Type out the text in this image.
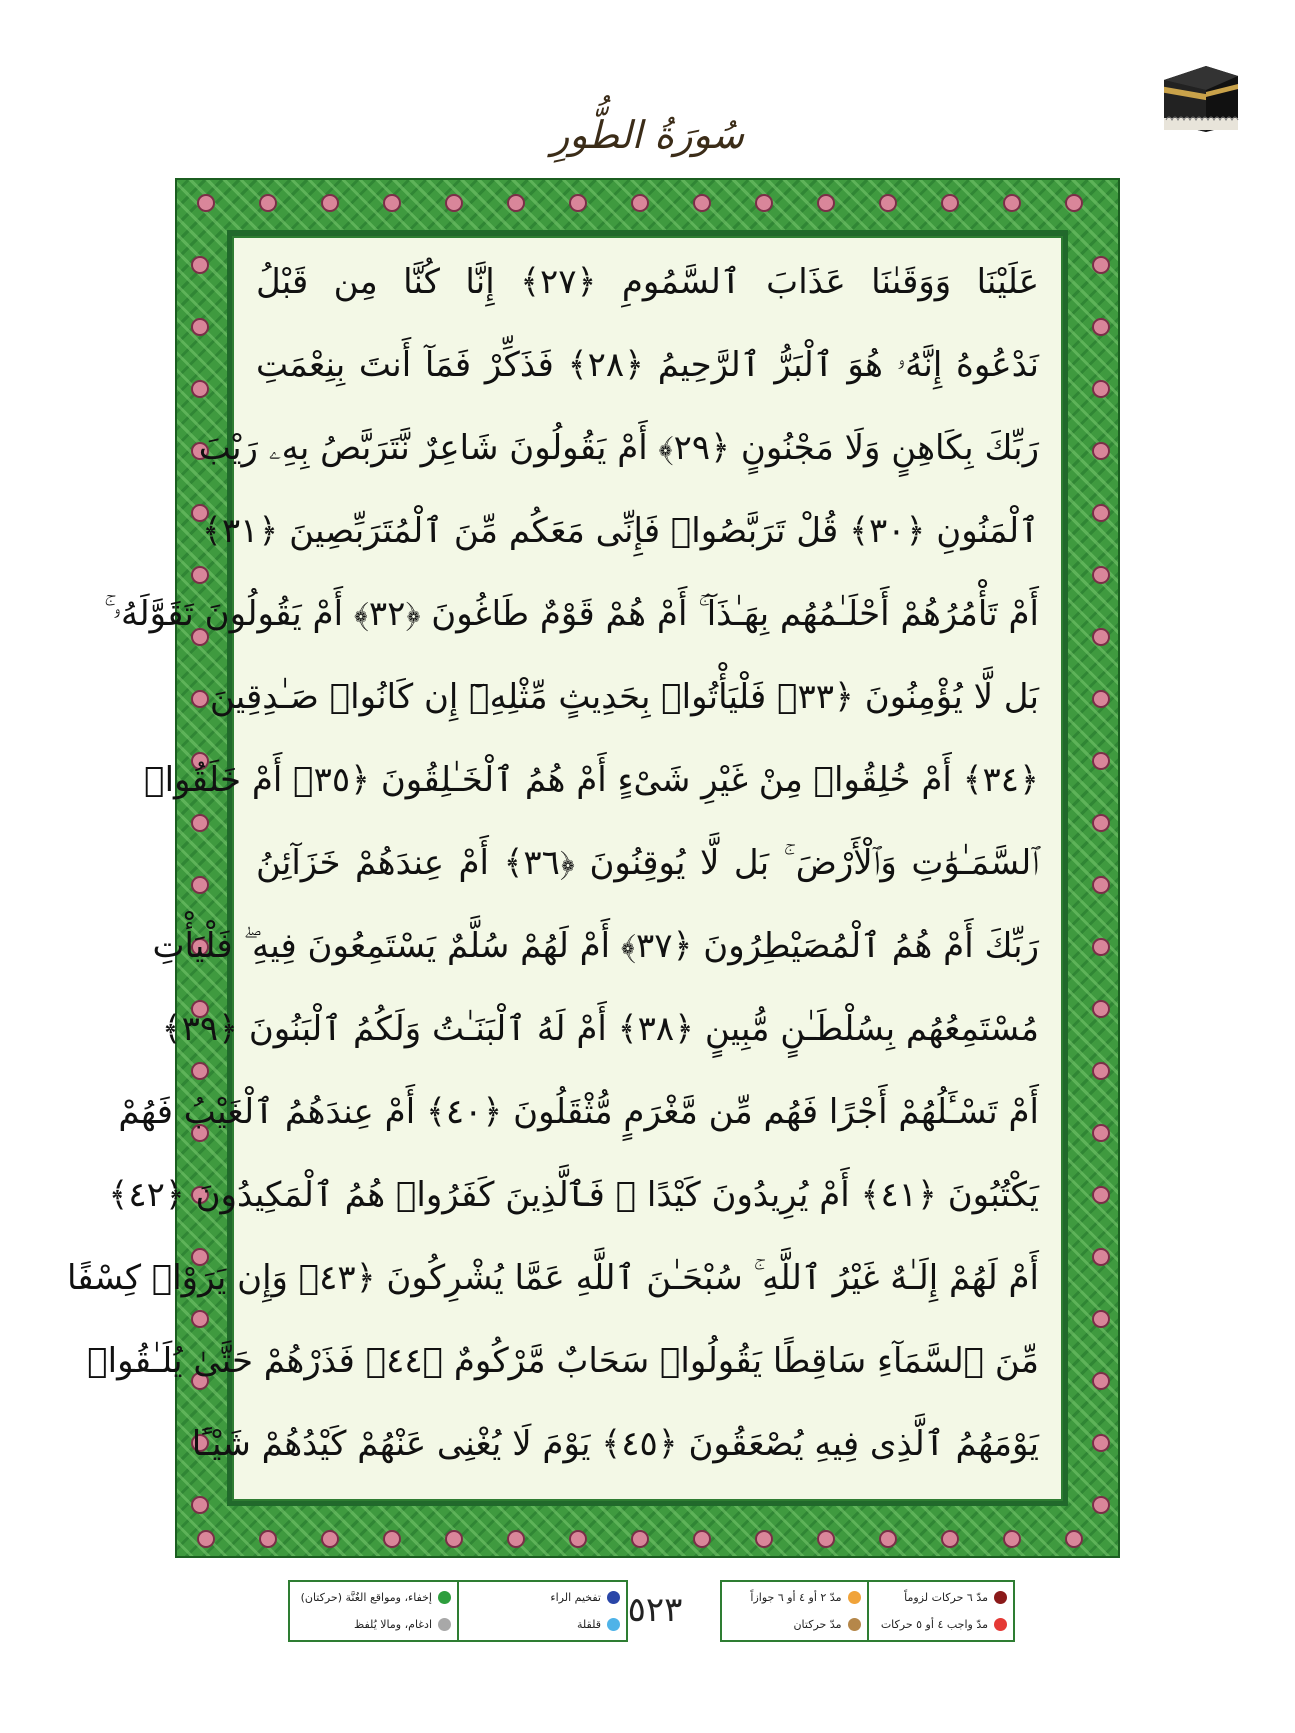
سُورَةُ الطُّورِ
عَلَيْنَا وَوَقَىٰنَا عَذَابَ ٱلسَّمُومِ ﴿٢٧﴾ إِنَّا كُنَّا مِن قَبْلُ
نَدْعُوهُ إِنَّهُۥ هُوَ ٱلْبَرُّ ٱلرَّحِيمُ ﴿٢٨﴾ فَذَكِّرْ فَمَآ أَنتَ بِنِعْمَتِ
رَبِّكَ بِكَاهِنٍ وَلَا مَجْنُونٍ ﴿٢٩﴾ أَمْ يَقُولُونَ شَاعِرٌ نَّتَرَبَّصُ بِهِۦ رَيْبَ
ٱلْمَنُونِ ﴿٣٠﴾ قُلْ تَرَبَّصُوا۟ فَإِنِّى مَعَكُم مِّنَ ٱلْمُتَرَبِّصِينَ ﴿٣١﴾
أَمْ تَأْمُرُهُمْ أَحْلَـٰمُهُم بِهَـٰذَآ ۚ أَمْ هُمْ قَوْمٌ طَاغُونَ ﴿٣٢﴾ أَمْ يَقُولُونَ تَقَوَّلَهُۥ ۚ
بَل لَّا يُؤْمِنُونَ ﴿٣٣﴾ فَلْيَأْتُوا۟ بِحَدِيثٍ مِّثْلِهِۦٓ إِن كَانُوا۟ صَـٰدِقِينَ
﴿٣٤﴾ أَمْ خُلِقُوا۟ مِنْ غَيْرِ شَىْءٍ أَمْ هُمُ ٱلْخَـٰلِقُونَ ﴿٣٥﴾ أَمْ خَلَقُوا۟
ٱلسَّمَـٰوَٰتِ وَٱلْأَرْضَ ۚ بَل لَّا يُوقِنُونَ ﴿٣٦﴾ أَمْ عِندَهُمْ خَزَآئِنُ
رَبِّكَ أَمْ هُمُ ٱلْمُصَيْطِرُونَ ﴿٣٧﴾ أَمْ لَهُمْ سُلَّمٌ يَسْتَمِعُونَ فِيهِ ۖ فَلْيَأْتِ
مُسْتَمِعُهُم بِسُلْطَـٰنٍ مُّبِينٍ ﴿٣٨﴾ أَمْ لَهُ ٱلْبَنَـٰتُ وَلَكُمُ ٱلْبَنُونَ ﴿٣٩﴾
أَمْ تَسْـَٔلُهُمْ أَجْرًا فَهُم مِّن مَّغْرَمٍ مُّثْقَلُونَ ﴿٤٠﴾ أَمْ عِندَهُمُ ٱلْغَيْبُ فَهُمْ
يَكْتُبُونَ ﴿٤١﴾ أَمْ يُرِيدُونَ كَيْدًا ۖ فَٱلَّذِينَ كَفَرُوا۟ هُمُ ٱلْمَكِيدُونَ ﴿٤٢﴾
أَمْ لَهُمْ إِلَـٰهٌ غَيْرُ ٱللَّهِ ۚ سُبْحَـٰنَ ٱللَّهِ عَمَّا يُشْرِكُونَ ﴿٤٣﴾ وَإِن يَرَوْا۟ كِسْفًا
مِّنَ ٱلسَّمَآءِ سَاقِطًا يَقُولُوا۟ سَحَابٌ مَّرْكُومٌ ﴿٤٤﴾ فَذَرْهُمْ حَتَّىٰ يُلَـٰقُوا۟
يَوْمَهُمُ ٱلَّذِى فِيهِ يُصْعَقُونَ ﴿٤٥﴾ يَوْمَ لَا يُغْنِى عَنْهُمْ كَيْدُهُمْ شَيْـًٔا
إخفاء، ومواقع الغُنَّة (حركتان)
ادغام، ومالا يُلفظ
تفخيم الراء
قلقلة ٥٢٣	مدّ ٢ أو ٤ أو ٦ جوازاً
مدّ حركتان
مدّ ٦ حركات لزوماً
مدّ واجب ٤ أو ٥ حركات
